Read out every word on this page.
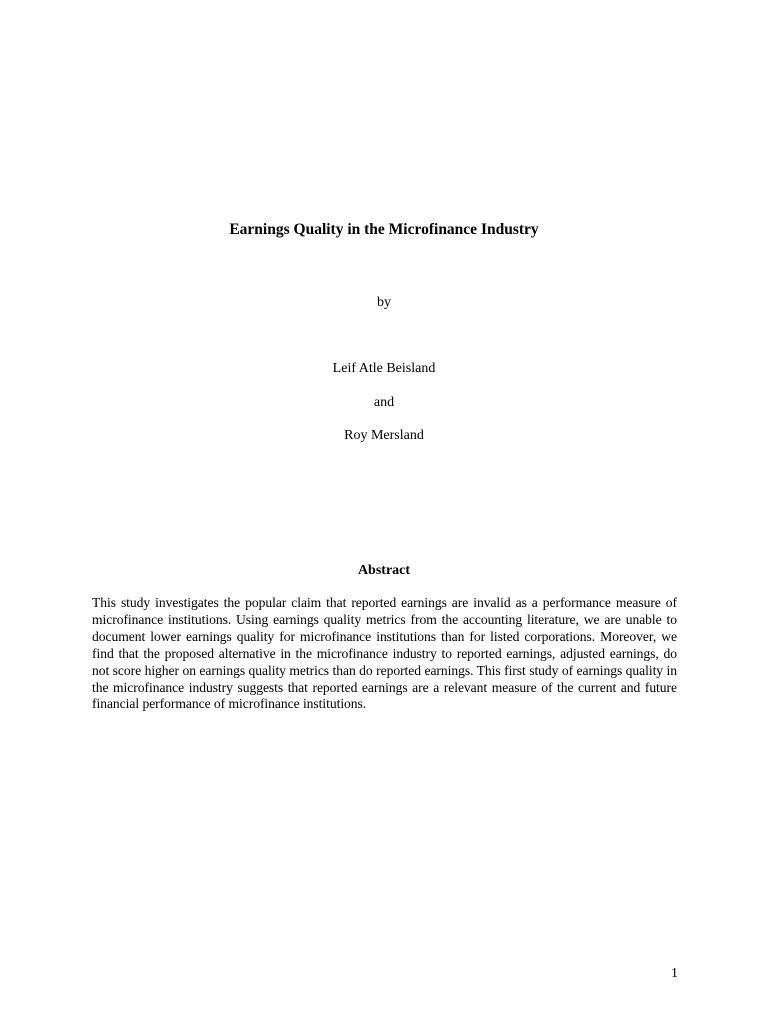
Earnings Quality in the Microfinance Industry

by

Leif Atle Beisland

and

Roy Mersland

Abstract

This study investigates the popular claim that reported earnings are invalid as a performance measure of microfinance institutions. Using earnings quality metrics from the accounting literature, we are unable to document lower earnings quality for microfinance institutions than for listed corporations. Moreover, we find that the proposed alternative in the microfinance industry to reported earnings, adjusted earnings, do not score higher on earnings quality metrics than do reported earnings. This first study of earnings quality in the microfinance industry suggests that reported earnings are a relevant measure of the current and future financial performance of microfinance institutions.

1
